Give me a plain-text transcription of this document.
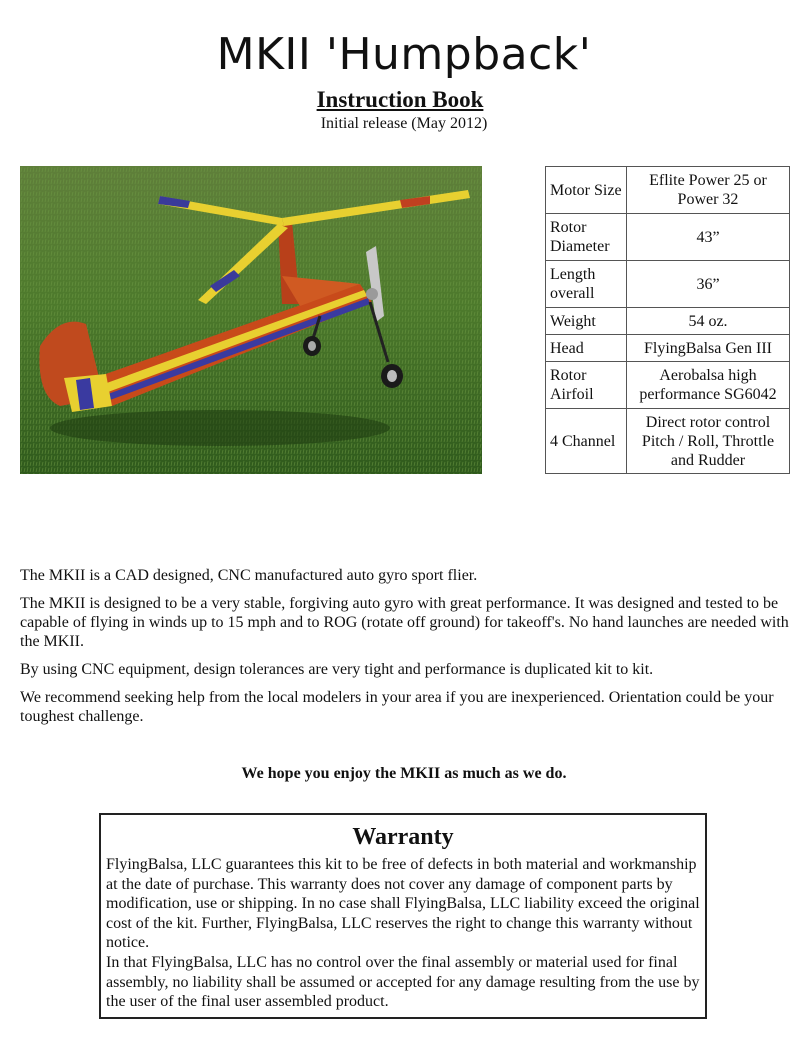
MKII 'Humpback'
Instruction Book
Initial release (May 2012)
Motor Size	Eflite Power 25 or Power 32
Rotor Diameter	43”
Length overall	36”
Weight	54 oz.
Head	FlyingBalsa Gen III
Rotor Airfoil	Aerobalsa high performance SG6042
4 Channel	Direct rotor control Pitch / Roll, Throttle and Rudder

The MKII is a CAD designed, CNC manufactured auto gyro sport flier.

The MKII is designed to be a very stable, forgiving auto gyro with great performance. It was designed and tested to be capable of flying in winds up to 15 mph and to ROG (rotate off ground) for takeoff's. No hand launches are needed with the MKII.

By using CNC equipment, design tolerances are very tight and performance is duplicated kit to kit.

We recommend seeking help from the local modelers in your area if you are inexperienced. Orientation could be your toughest challenge.

We hope you enjoy the MKII as much as we do.
Warranty

FlyingBalsa, LLC guarantees this kit to be free of defects in both material and workmanship at the date of purchase. This warranty does not cover any damage of component parts by modification, use or shipping. In no case shall FlyingBalsa, LLC liability exceed the original cost of the kit. Further, FlyingBalsa, LLC reserves the right to change this warranty without notice.

In that FlyingBalsa, LLC has no control over the final assembly or material used for final assembly, no liability shall be assumed or accepted for any damage resulting from the use by the user of the final user assembled product.
